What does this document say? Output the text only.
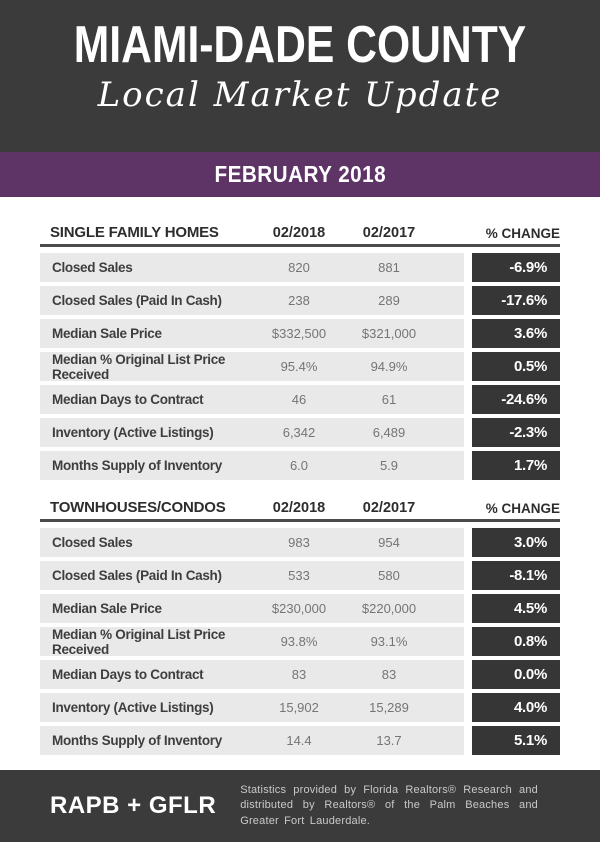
MIAMI-DADE COUNTY
Local Market Update
FEBRUARY 2018
SINGLE FAMILY HOMES	02/2018	02/2017	% CHANGE
Closed Sales	820	881	-6.9%
Closed Sales (Paid In Cash)	238	289	-17.6%
Median Sale Price	$332,500	$321,000	3.6%
Median % Original List Price Received	95.4%	94.9%	0.5%
Median Days to Contract	46	61	-24.6%
Inventory (Active Listings)	6,342	6,489	-2.3%
Months Supply of Inventory	6.0	5.9	1.7%
TOWNHOUSES/CONDOS	02/2018	02/2017	% CHANGE
Closed Sales	983	954	3.0%
Closed Sales (Paid In Cash)	533	580	-8.1%
Median Sale Price	$230,000	$220,000	4.5%
Median % Original List Price Received	93.8%	93.1%	0.8%
Median Days to Contract	83	83	0.0%
Inventory (Active Listings)	15,902	15,289	4.0%
Months Supply of Inventory	14.4	13.7	5.1%
RAPB + GFLR
Statistics provided by Florida Realtors® Research and distributed by Realtors® of the Palm Beaches and Greater Fort Lauderdale.
